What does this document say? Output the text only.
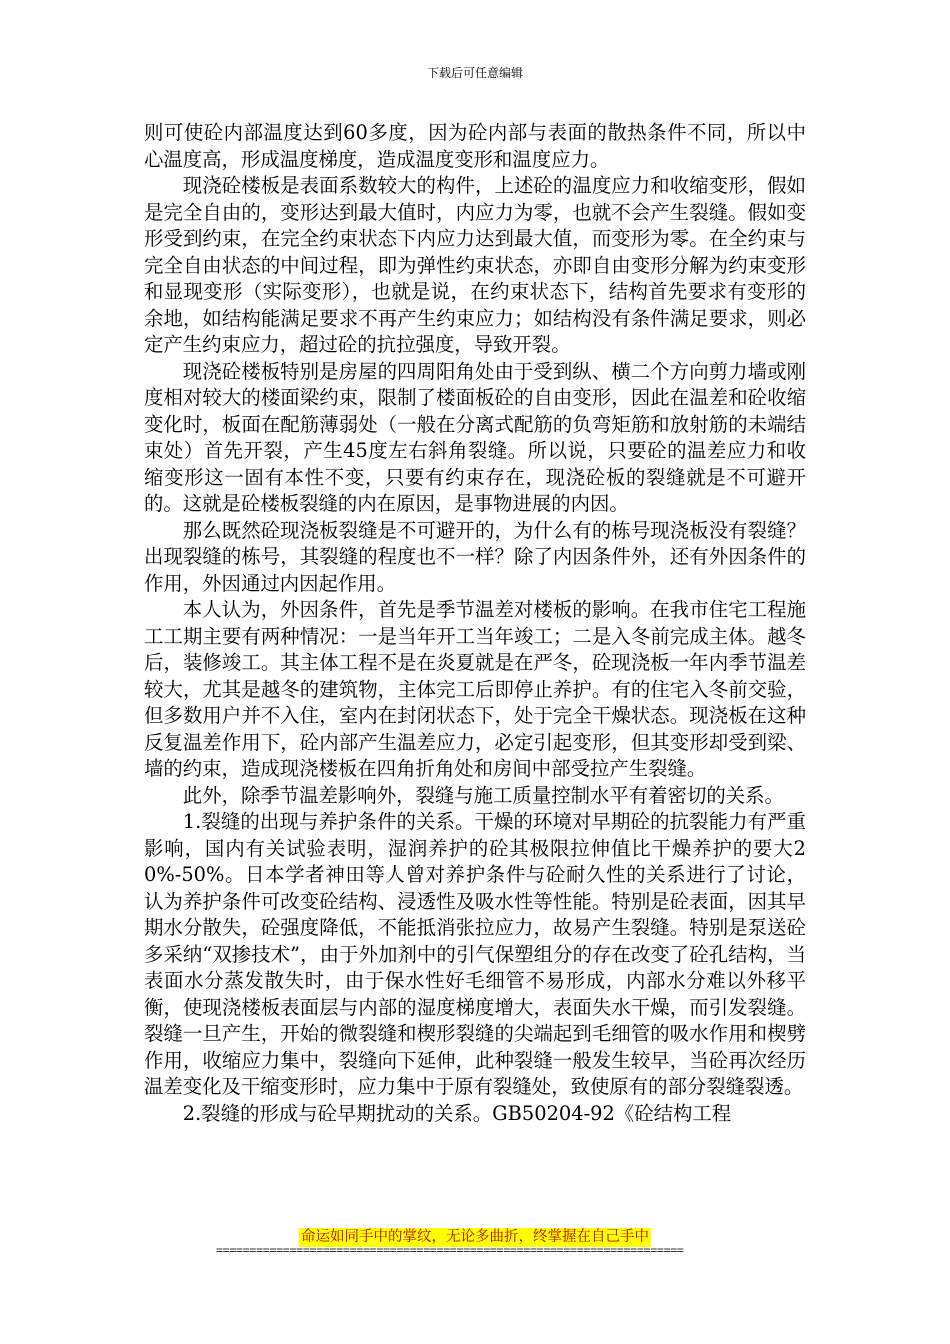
下载后可任意编辑

则可使砼内部温度达到60多度，因为砼内部与表面的散热条件不同，所以中心温度高，形成温度梯度，造成温度变形和温度应力。

现浇砼楼板是表面系数较大的构件，上述砼的温度应力和收缩变形，假如是完全自由的，变形达到最大值时，内应力为零，也就不会产生裂缝。假如变形受到约束，在完全约束状态下内应力达到最大值，而变形为零。在全约束与完全自由状态的中间过程，即为弹性约束状态，亦即自由变形分解为约束变形和显现变形（实际变形），也就是说，在约束状态下，结构首先要求有变形的余地，如结构能满足要求不再产生约束应力；如结构没有条件满足要求，则必定产生约束应力，超过砼的抗拉强度，导致开裂。

现浇砼楼板特别是房屋的四周阳角处由于受到纵、横二个方向剪力墙或刚度相对较大的楼面梁约束，限制了楼面板砼的自由变形，因此在温差和砼收缩变化时，板面在配筋薄弱处（一般在分离式配筋的负弯矩筋和放射筋的未端结束处）首先开裂，产生45度左右斜角裂缝。所以说，只要砼的温差应力和收缩变形这一固有本性不变，只要有约束存在，现浇砼板的裂缝就是不可避开的。这就是砼楼板裂缝的内在原因，是事物进展的内因。

那么既然砼现浇板裂缝是不可避开的，为什么有的栋号现浇板没有裂缝？出现裂缝的栋号，其裂缝的程度也不一样？除了内因条件外，还有外因条件的作用，外因通过内因起作用。

本人认为，外因条件，首先是季节温差对楼板的影响。在我市住宅工程施工工期主要有两种情况：一是当年开工当年竣工；二是入冬前完成主体。越冬后，装修竣工。其主体工程不是在炎夏就是在严冬，砼现浇板一年内季节温差较大，尤其是越冬的建筑物，主体完工后即停止养护。有的住宅入冬前交验，但多数用户并不入住，室内在封闭状态下，处于完全干燥状态。现浇板在这种反复温差作用下，砼内部产生温差应力，必定引起变形，但其变形却受到梁、墙的约束，造成现浇楼板在四角折角处和房间中部受拉产生裂缝。

此外，除季节温差影响外，裂缝与施工质量控制水平有着密切的关系。

1.裂缝的出现与养护条件的关系。干燥的环境对早期砼的抗裂能力有严重影响，国内有关试验表明，湿润养护的砼其极限拉伸值比干燥养护的要大20%-50%。日本学者神田等人曾对养护条件与砼耐久性的关系进行了讨论，认为养护条件可改变砼结构、浸透性及吸水性等性能。特别是砼表面，因其早期水分散失，砼强度降低，不能抵消张拉应力，故易产生裂缝。特别是泵送砼多采纳“双掺技术”，由于外加剂中的引气保塑组分的存在改变了砼孔结构，当表面水分蒸发散失时，由于保水性好毛细管不易形成，内部水分难以外移平衡，使现浇楼板表面层与内部的湿度梯度增大，表面失水干燥，而引发裂缝。裂缝一旦产生，开始的微裂缝和楔形裂缝的尖端起到毛细管的吸水作用和楔劈作用，收缩应力集中，裂缝向下延伸，此种裂缝一般发生较早，当砼再次经历温差变化及干缩变形时，应力集中于原有裂缝处，致使原有的部分裂缝裂透。

2.裂缝的形成与砼早期扰动的关系。GB50204-92《砼结构工程

命运如同手中的掌纹，无论多曲折，终掌握在自己手中
======================================================================
